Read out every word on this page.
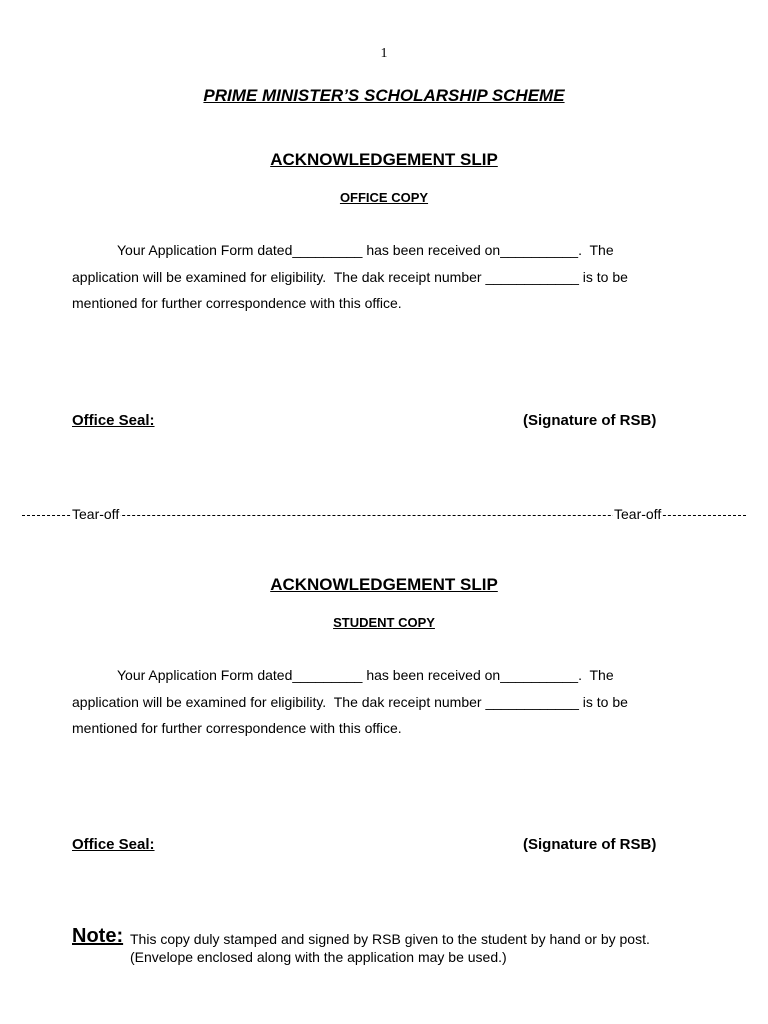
1
PRIME MINISTER’S SCHOLARSHIP SCHEME
ACKNOWLEDGEMENT SLIP
OFFICE COPY
Your Application Form dated_________ has been received on__________.  The
application will be examined for eligibility.  The dak receipt number ____________ is to be
mentioned for further correspondence with this office.
Office Seal:	(Signature of RSB)
Tear-off	Tear-off
ACKNOWLEDGEMENT SLIP
STUDENT COPY
Your Application Form dated_________ has been received on__________.  The
application will be examined for eligibility.  The dak receipt number ____________ is to be
mentioned for further correspondence with this office.
Office Seal:	(Signature of RSB)
Note: This copy duly stamped and signed by RSB given to the student by hand or by post.
(Envelope enclosed along with the application may be used.)
